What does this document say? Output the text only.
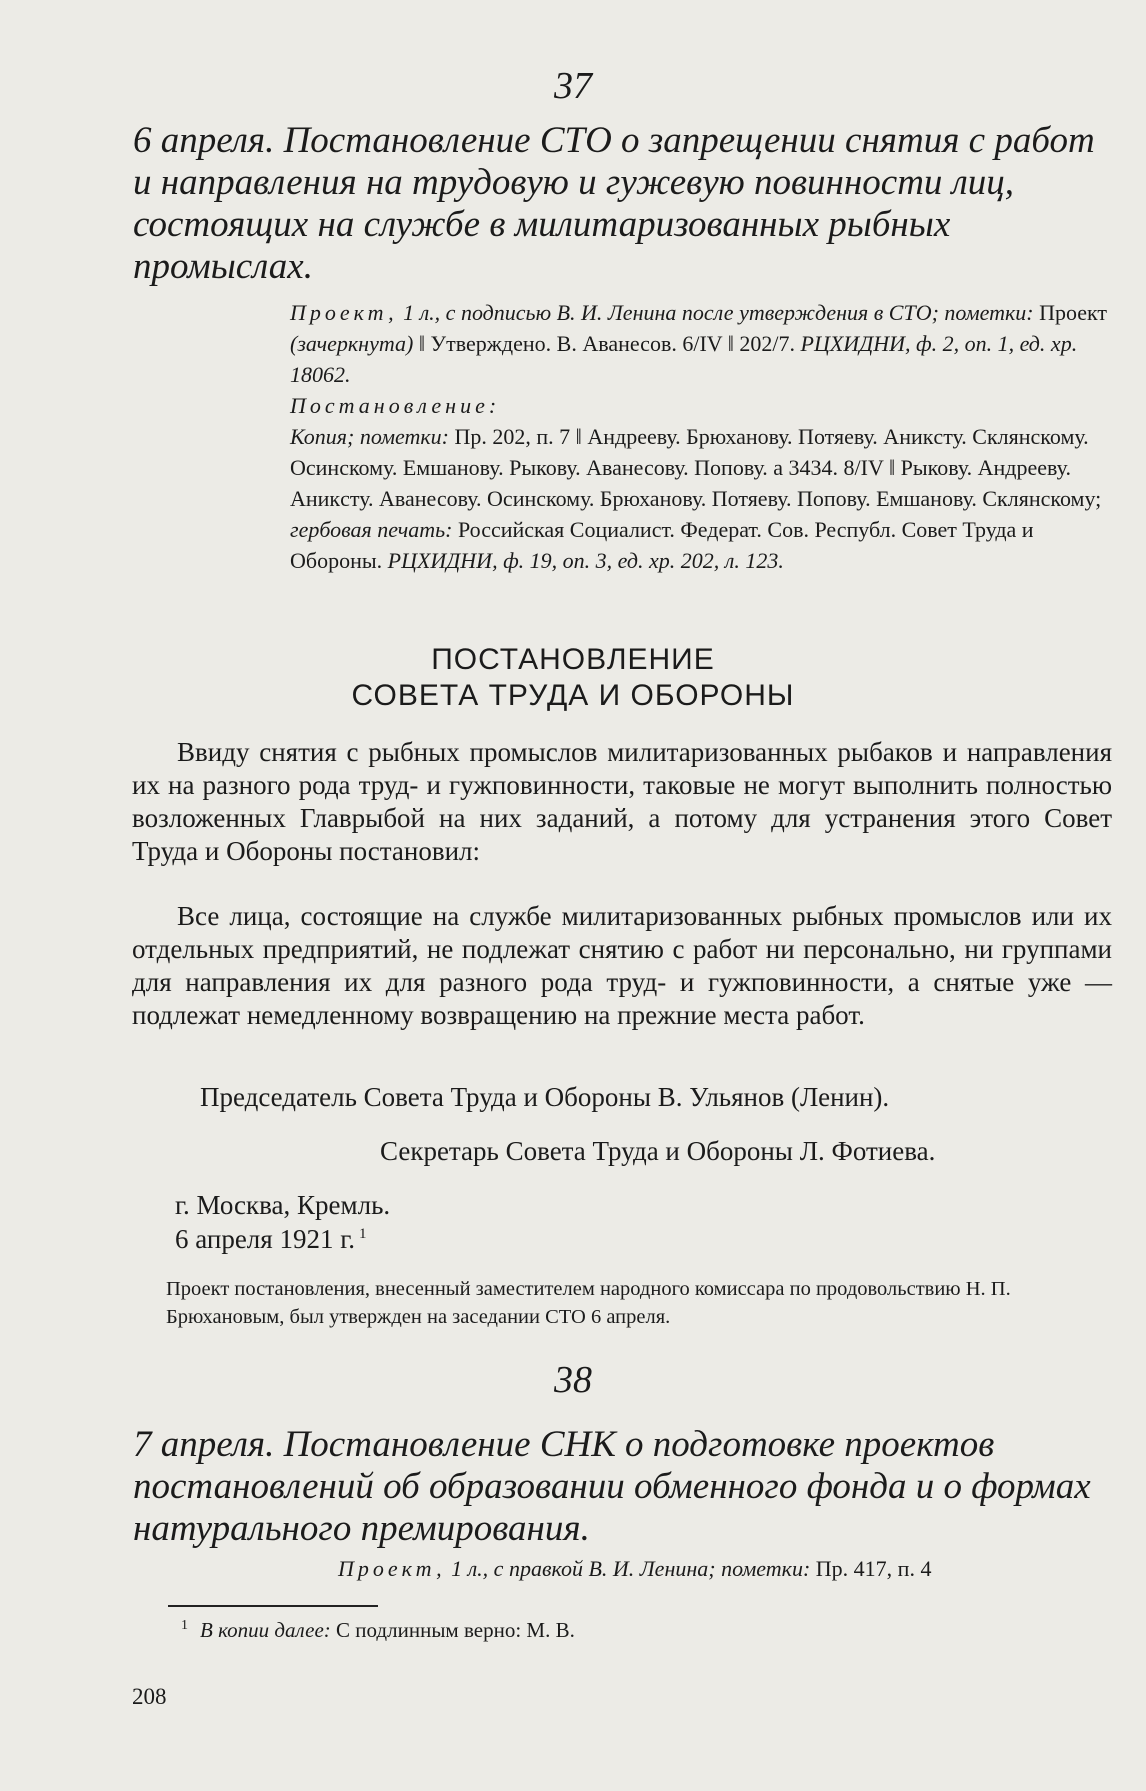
37
6 апреля. Постановление СТО о запрещении снятия с работ и направления на трудовую и гужевую повинности лиц, состоящих на службе в милитаризованных рыбных промыслах.
Проект, 1 л., с подписью В. И. Ленина после утверждения в СТО; пометки: Проект (зачеркнута) ‖ Утверждено. В. Аванесов. 6/IV ‖ 202/7. РЦХИДНИ, ф. 2, оп. 1, ед. хр. 18062.
Постановление:
Копия; пометки: Пр. 202, п. 7 ‖ Андрееву. Брюханову. Потяеву. Аникcту. Склянскому. Осинскому. Емшанову. Рыкову. Аванесову. Попову. а 3434. 8/IV ‖ Рыкову. Андрееву. Аникcту. Аванесову. Осинскому. Брюханову. Потяеву. Попову. Емшанову. Склянскому; гербовая печать: Российская Социалист. Федерат. Сов. Республ. Совет Труда и Обороны. РЦХИДНИ, ф. 19, оп. 3, ед. хр. 202, л. 123.
ПОСТАНОВЛЕНИЕ
СОВЕТА ТРУДА И ОБОРОНЫ
Ввиду снятия с рыбных промыслов милитаризованных рыбаков и направления их на разного рода труд- и гужповинности, таковые не могут выполнить полностью возложенных Главрыбой на них заданий, а потому для устранения этого Совет Труда и Обороны постановил:
Все лица, состоящие на службе милитаризованных рыбных промыслов или их отдельных предприятий, не подлежат снятию с работ ни персонально, ни группами для направления их для разного рода труд- и гужповинности, а снятые уже — подлежат немедленному возвращению на прежние места работ.
Председатель Совета Труда и Обороны В. Ульянов (Ленин).
Секретарь Совета Труда и Обороны Л. Фотиева.
г. Москва, Кремль.
6 апреля 1921 г. $^1$
Проект постановления, внесенный заместителем народного комиссара по продовольствию Н. П. Брюхановым, был утвержден на заседании СТО 6 апреля.
38
7 апреля. Постановление СНК о подготовке проектов постановлений об образовании обменного фонда и о формах натурального премирования.
Проект, 1 л., с правкой В. И. Ленина; пометки: Пр. 417, п. 4
$^1$ В копии далее: С подлинным верно: М. В.
208
